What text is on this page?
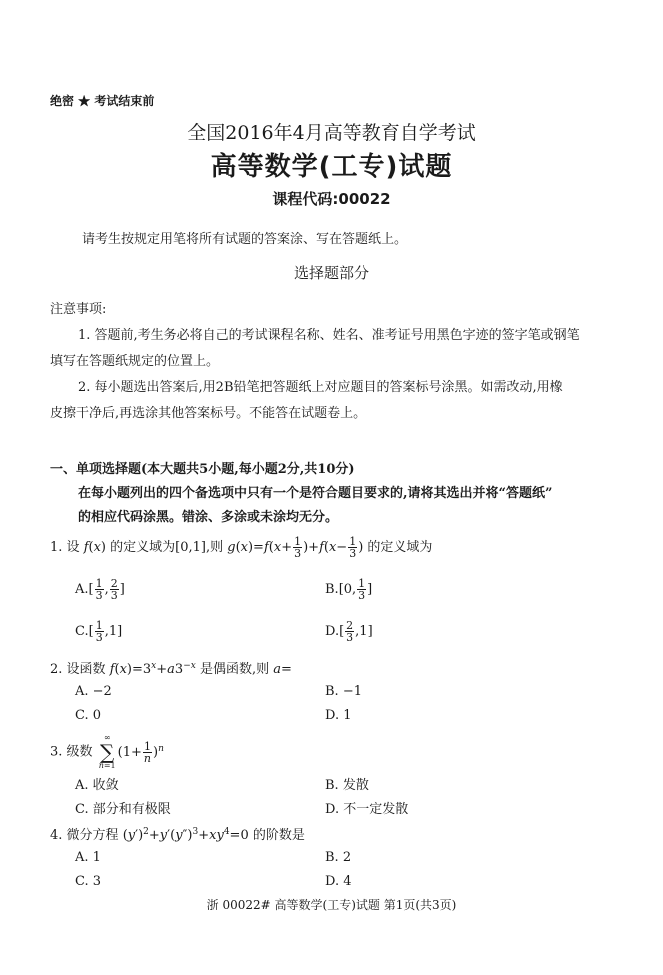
绝密 ★ 考试结束前
全国2016年4月高等教育自学考试
高等数学(工专)试题
课程代码:00022
请考生按规定用笔将所有试题的答案涂、写在答题纸上。
选择题部分
注意事项:
1. 答题前,考生务必将自己的考试课程名称、姓名、准考证号用黑色字迹的签字笔或钢笔
填写在答题纸规定的位置上。
2. 每小题选出答案后,用2B铅笔把答题纸上对应题目的答案标号涂黑。如需改动,用橡
皮擦干净后,再选涂其他答案标号。不能答在试题卷上。
一、单项选择题(本大题共5小题,每小题2分,共10分)
在每小题列出的四个备选项中只有一个是符合题目要求的,请将其选出并将“答题纸”
的相应代码涂黑。错涂、多涂或未涂均无分。
1. 设 f(x) 的定义域为[0,1],则 $g(x)=f(x+ \frac{1}{3} )+f(x- \frac{1}{3}$ ) 的定义域为
$A.[ \frac{1}{3}$ , $\frac{2}{3}$ ]	B.[0, $\frac{1}{3}$ ]
$C.[ \frac{1}{3} ,1]$	$D.[ \frac{2}{3} ,1]$
2. 设函数 $f(x)=3^x+a3^{-x}$ 是偶函数,则 a=
A. −2	B. −1
C. 0	D. 1
3. 级数 ∞
∑
$n=1(1+ \frac{1}{n} )^n$
A. 收敛	B. 发散
C. 部分和有极限	D. 不一定发散
4. 微分方程 $(y')^2+y'(y'')^3+xy^4=0$ 的阶数是
A. 1	B. 2
C. 3	D. 4
浙 00022# 高等数学(工专)试题 第1页(共3页)
